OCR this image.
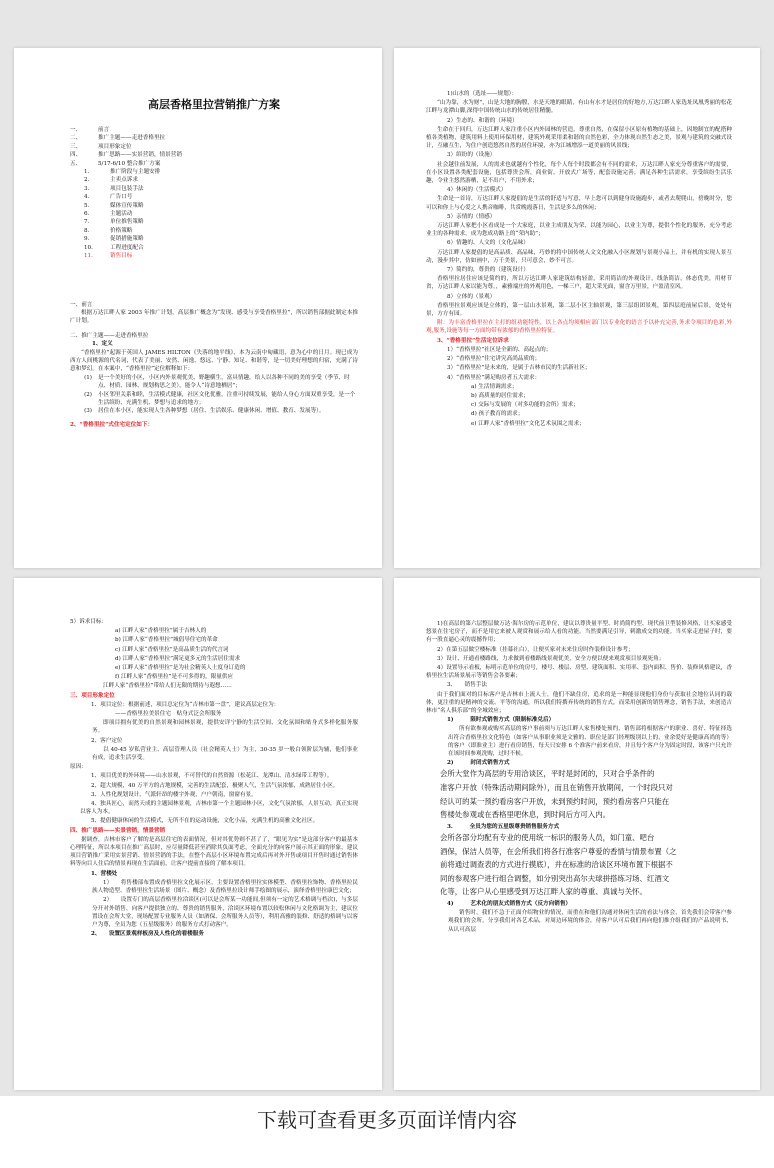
高层香格里拉营销推广方案
一、	前言
二、	推广主题——走进香格里拉
三、	项目形象定位
四、	推广思路——实景营销，情景营销
五、	5/17-6/10 整合推广方案
1.	推广阶段与主题安排
2.	主卖点诉求
3.	项目包装手法
4.	广告口号
5.	媒体宣传策略
6.	主题活动
7.	单位推售策略
8.	价格策略
9.	促销措施策略
10.	工程进度配合
11.	销售目标
一、前言

根据万达江畔人家 2003 年推广计划，高层推广概念为“发现、感受与享受香格里拉”，所以销售部据此制定本推广计划。

二、推广主题——走进香格里拉
1、定义

“香格里拉”起源于英国人 JAMES HILTON《失落的地平线》，本为云南中甸藏语，意为心中的日月。现已成为西方人间桃源的代名词，代表了美丽、安然、闲逸、悠远、宁静、知足、和谐等，是一切美好理想的归宿，充满了诗意和梦幻。在本案中，“香格里拉”定位解释如下：

(1)	是一个美好的小区，小区内外景观优美、野趣横生，富具情趣，给人以各种不同的美的享受（季节、时点、材质、园林、规划构思之美），能令人“诗意地栖居”；
(2)	小区邻里关系和睦，生活模式健康，社区文化优雅，注重可持续发展，能给人身心方面双重享受，是一个生活缤纷、充满生机、梦想与追求的地方；
(3)	居住在本小区，能实现人生各种梦想（居住、生活娱乐、健康休闲、增值、教育、发展等）。
2、“香格里拉”式住宅定位如下：

1)山水的（选址——规划）：

“山为靠，水为财”，山是大地的胸膛，水是天地的眼睛，有山有水才是居住的好地方,万达江畔人家选址凤凰秀丽的松花江畔与龙潭山脚,深得中国传统山水的传统居住精髓。

2）生态的、和谐的（环境）

生命在于回归，万达江畔人家注重小区内外园林的营造，尊重自然，在保留小区原有植物的基础上，因地制宜的配搭种植各类植物，建筑用料上使用环保用材，建筑外观采用柔和谐的自然色彩，全力体现自然生态之美，景观与建筑的交融式设计，互融互生，为住户创造悠然自然的居住环境，亦为江城增添一道美丽的风景线；

3）缤纷的（设施）

社会越往前发展，人的需求也就越有个性化，每个人每个时段都会有不同的需求，万达江畔人家充分尊重客户的需要，在小区设置各类配套设施，包括尊贵会所，商业街，开放式广场等，配套设施完善，满足各种生活需求，享受缤纷生活乐趣，令业主悠然游栖，足不出户，不用外求；

4）休闲的（生活模式）

生命是一首诗，万达江畔人家提倡的是生活的舒适与写意，早上您可以到健身设施跑步，或者去爬爬山，傍晚时分，您可以和你上与心爱之人携音咖啡，共赏晚霞落日，生活是多么的休闲；

5）亲情的（情感）

万达江畔人家把小区看成是一个大家庭，以业主成朋友为荣，以能为园心，以业主为尊，提供个性化的服务，充分考虑业主的各种需求，成为您成功路上的“荣内助”；

6）情趣的、人文的（文化品味）

万达江畔人家提倡的是高品质、高品味，巧妙的将中国传统人文文化融入小区规划与景观小品上，并有机的实现人景互动，漫步其中，仿如画中，万千美景，只可意会，妙不可言。

7）简约的，尊贵的（建筑设计）

香格里拉居住应该是简约的，所以万达江畔人家建筑结构轻盈，采用简洁的外观设计，线条简洁，体态优美，用材节省，万达江畔人家以能为尊，，素雅端庄的外观用色，一梯三户，超大采光面，窗含万里景，户盈清室风。

8）立体的（景观）

香格里拉景观应该是立体的，第一层山水景观，第二层小区主轴景观，第三层组团景观，第四层庭前屋后景，处处有景，方方有园。

附：为丰富香格里拉在主打的组功能特性，以上各点均须相应部门以专业化的语言予以补充完善,务求令项目的色彩,外观,服务,设施等每一方面均带有浓郁的香格里拉特征。

3、“香格里拉”生活定位诉求

1）“香格里拉”社区是全新的、高起点的；

2）“香格里拉”住宅讲究高尚品质的；

3）“香格里拉”是未来的，是属于吉林市民的生活新社区；

4）“香格里拉”满足购房者五大需求：

a) 生活情调需求；

b) 高质量的居住需求；

c) 交际与发展的（对多功能的会所）需求；

d) 孩子教育的需求；

e) 江畔人家“香格里拉”文化艺术氛围之需求；

5）诉求目标：

a) 江畔人家“香格里拉”属于吉林人的

b) 江畔人家“香格里拉”城倡导住宅的革命

c) 江畔人家“香格里拉”是高品质生活的代言词

d) 江畔人家“香格里拉”满足更多元的生活居住需求

e) 江畔人家“香格里拉”是为社会精英人士度身订造的

f) 江畔人家“香格里拉”是不可多得的，限量供应

江畔人家“香格里拉”带给人们无限的期待与遐想……

三、项目形象定位

1、项目定位：根据前述，项目总定位为“吉林市第一盘”，建议高层定位为：

——香格里拉美景住宅　贴身式泛会所服务

即项目拥有优美的自然景观和园林景观，提供安详宁静的生活空间、文化氛围和贴身式多样化服务服务。

2、客户定位

以 40-45 岁私营业主、高层管理人员（社会精英人士）为主，30-35 岁一般白领阶层为辅，他们事业有成，追求生活享受。

原因：

1、项目优美的外环境——山水景观，不可替代的自然资源（松花江、龙潭山、清水绿带工程等）。

2、超大规模，40 万平方的占地规模，完善的生活配套，极聚人气，生活气氛浓郁，成熟居住小区。

3、人性化规划设计，气派轩昂的楼宇外观，户户朝南，窗窗有景。

4、独具匠心，而然天成的主题园林景观，吉林市第一个主题园林小区，文化气氛浓郁，人景互动，真正实现以客人为本。

5、提倡健康休闲的生活模式，无所不在的运动设施，文化小品，充满生机的高雅文化社区。

四、推广思路——实景营销，情景营销

据调查，吉林市客户了解的是高层住宅的表面情况，但对其优势则不甚了了，“眼见为实”是这部分客户的最基本心理特征，所以本项目在推广高层时，应尽量降低甚至消除其负面考虑，全面充分的向客户展示其正面的形象，建议项目营销推广采用实景营销、情景营销的手法，在整个高层小区环境布置完成后再对外开售或项目开售时通过销售体料等向目人住后的情景再现在生活面前，让客户提前直接的了解本项目。

1、营楼处

1）　　将售楼部布置成香格里拉文化展示区，主要设置香格里拉实体模型、香格里拉饰物、香格里拉民族人物造型、香格里拉生活场景（图片、概念）及香格里拉设计师手绘图的展示，演绎香格里拉康巴文化；

2）　　设置专门的高层香格里拉洽谈区(可以是会所某一功能间,但须有一定的艺术格调与档次)，与多层分开对外销售，向客户提供独立的、尊贵的销售服务，洽谈区环境布置以较松休闲与文化格调为主，建议位置设在会所大堂，现场配置专业服务人员（如酒保、会所服务人员等），利用高雅的装修、舒适的格调与以客户为尊，全员为您（五星级服务）的服务方式打动客户。

2、　　设置区景观样板房及人性化的看楼服务

1)在高层的第六层整层做万达·海尔房的示范单位，建议以尊贵量平型、时尚简约型、现代前卫型装修风格，让买家感受悠景在住宅房子，而不是用它来被人观赏和展示给人看的功能。当然要满足引导，刺激成交的功能。当买家走进屋子时，要有一股直逼心灵的震撼作用；

2）在第五层做空楼标准（挂幕社白），让便买家对未来住房时作装修设计参考；

3）设计、开通看楼路线，力求做到看楼路线景观优美，安全方便以便来观赏项目景观死角；

4）设置导示看板，标明示范单位的房号，楼号、楼层、房型、建筑面积、实用率、套内面积、售价、装修风格建议，香格里拉生活场景展示等销售会各要素；

3、　　销售手法

由于我们面对的目标客户是吉林市上流人士，他们不缺住房，追求的是一种能显现他们身份与获取社会地位认同的载体，更注重的是精神的交流、平等的沟通，所以我们特撰弃传统的销售方式，而采用创新的销售理念，销售手法，来创造吉林市“名人俱乐部”的全城效应；

1)　　　限时式销售方式（限制标准兑后）

所有欲参观或购买高层的客户事前须与万达江畔人家售楼处预约，销售部将根据客户的职业、喜好、特征择选出符合香格里拉文化特色（如客户从事职业须是文雅的、职位是部门经理级别以上的，业余爱好是健康高尚的等）的客户（即准业主）进行看房销售，每天只安排 6 个准客户前来看房，并且每个客户分为固定时段，该客户只允许在该时间参观洗购，过时不候。

2)　　　封闭式销售方式

会所大堂作为高层的专用洽谈区，平时是封闭的，只对合乎条件的

准客户开放（特殊活动期间除外），而且在销售开放期间，一个时段只对

经认可的某一预约看房客户开放，未到预约时间，预约看房客户只能在

售楼处参观或在香格里吧休息，到时间后方可入内。

3.　　　全员为您的五星级尊贵销售服务方式

会所各部分均配有专业的使用统一标识的服务人员，如门童、吧台

酒保，保洁人员等，在会所我们将各行准客户尊爱的香情与情景布置（之

前将通过调查表的方式进行摸底），并在标准的洽谈区环境布置下根据不

同的参观客户进行组合调整，如分别突出高尔夫球拼搭练习场、红酒文

化等，让客户从心里感受到万达江畔人家的尊重、真诚与关怀。

4)　　　艺术化的朋友式销售方式（反方向销售）

销售时，我们不急于正面介绍物业的情况，而重在和他们沟通对休闲生活的看法与体会，首先我们会带客户参观我们的会所，分享我们对各艺术品，对周边环境的体会，待客户认可后我们再向他们推介组我们的产品说明书，从认可高层

下载可查看更多页面详情内容
